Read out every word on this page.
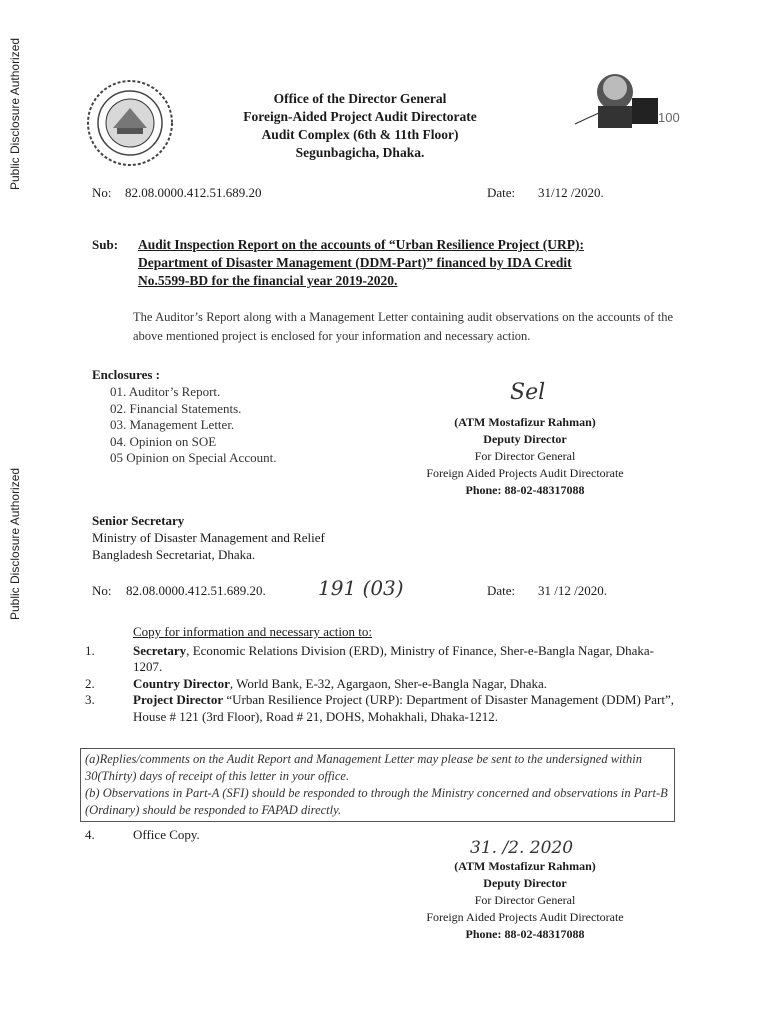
Public Disclosure Authorized
Public Disclosure Authorized
100
Office of the Director General
Foreign-Aided Project Audit Directorate
Audit Complex (6th & 11th Floor)
Segunbagicha, Dhaka.
No: 82.08.0000.412.51.689.20	Date: 31/12 /2020.
Sub: Audit Inspection Report on the accounts of “Urban Resilience Project (URP):
Department of Disaster Management (DDM-Part)” financed by IDA Credit
No.5599-BD for the financial year 2019-2020.
The Auditor’s Report along with a Management Letter containing audit observations on the accounts of the above mentioned project is enclosed for your information and necessary action.
Enclosures :
01. Auditor’s Report.
02. Financial Statements.
03. Management Letter.
04. Opinion on SOE
05 Opinion on Special Account.
Sel
(ATM Mostafizur Rahman)
Deputy Director
For Director General
Foreign Aided Projects Audit Directorate
Phone: 88-02-48317088
Senior Secretary
Ministry of Disaster Management and Relief
Bangladesh Secretariat, Dhaka.
No: 82.08.0000.412.51.689.20.	191 (03)	Date: 31 /12 /2020.
Copy for information and necessary action to:
1.	Secretary, Economic Relations Division (ERD), Ministry of Finance, Sher-e-Bangla Nagar, Dhaka-1207.
2.	Country Director, World Bank, E-32, Agargaon, Sher-e-Bangla Nagar, Dhaka.
3.	Project Director “Urban Resilience Project (URP): Department of Disaster Management (DDM) Part”, House # 121 (3rd Floor), Road # 21, DOHS, Mohakhali, Dhaka-1212.
(a)Replies/comments on the Audit Report and Management Letter may please be sent to the undersigned within 30(Thirty) days of receipt of this letter in your office.
(b) Observations in Part-A (SFI) should be responded to through the Ministry concerned and observations in Part-B (Ordinary) should be responded to FAPAD directly.
4.	Office Copy.
31. /2. 2020
(ATM Mostafizur Rahman)
Deputy Director
For Director General
Foreign Aided Projects Audit Directorate
Phone: 88-02-48317088
